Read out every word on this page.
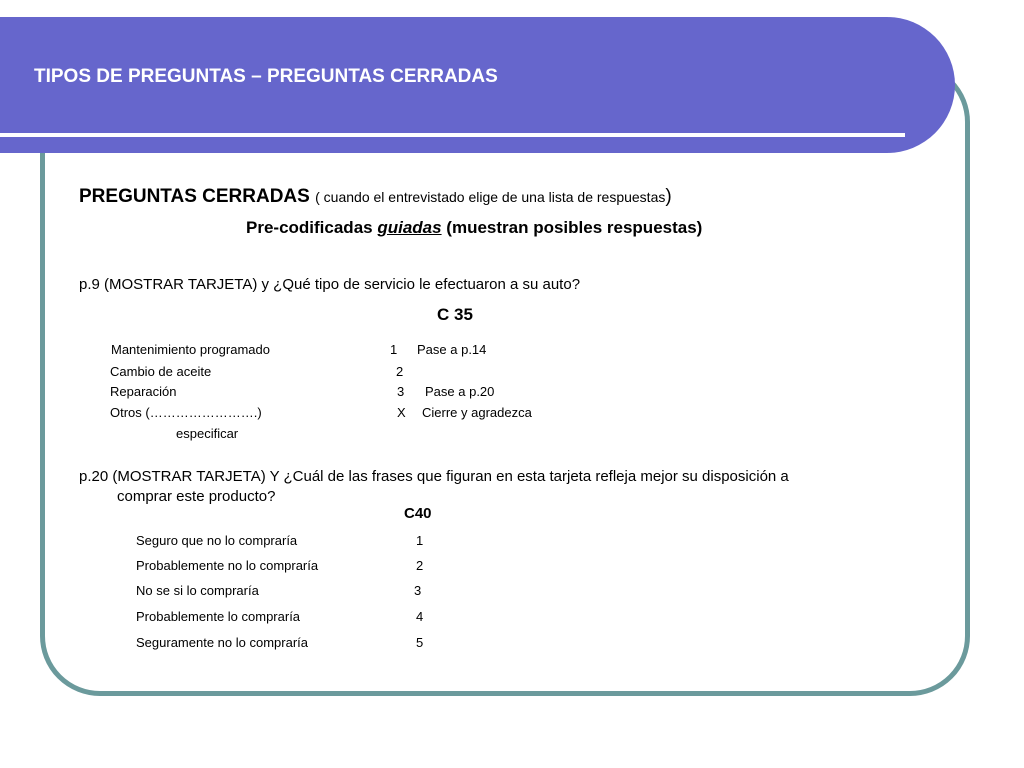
TIPOS DE PREGUNTAS – PREGUNTAS CERRADAS
PREGUNTAS CERRADAS ( cuando el entrevistado elige de una lista de respuestas)
Pre-codificadas guiadas (muestran posibles respuestas)
p.9 (MOSTRAR TARJETA) y ¿Qué tipo de servicio le efectuaron a su auto?
C 35
Mantenimiento programado	1 Pase a p.14
Cambio de aceite	2
Reparación	3 Pase a p.20
Otros (…………………….)	X Cierre y agradezca
especificar
p.20 (MOSTRAR TARJETA) Y ¿Cuál de las frases que figuran en esta tarjeta refleja mejor su disposición a
comprar este producto?
C40
Seguro que no lo compraría	1
Probablemente no lo compraría	2
No se si lo compraría	3
Probablemente lo compraría	4
Seguramente no lo compraría	5
